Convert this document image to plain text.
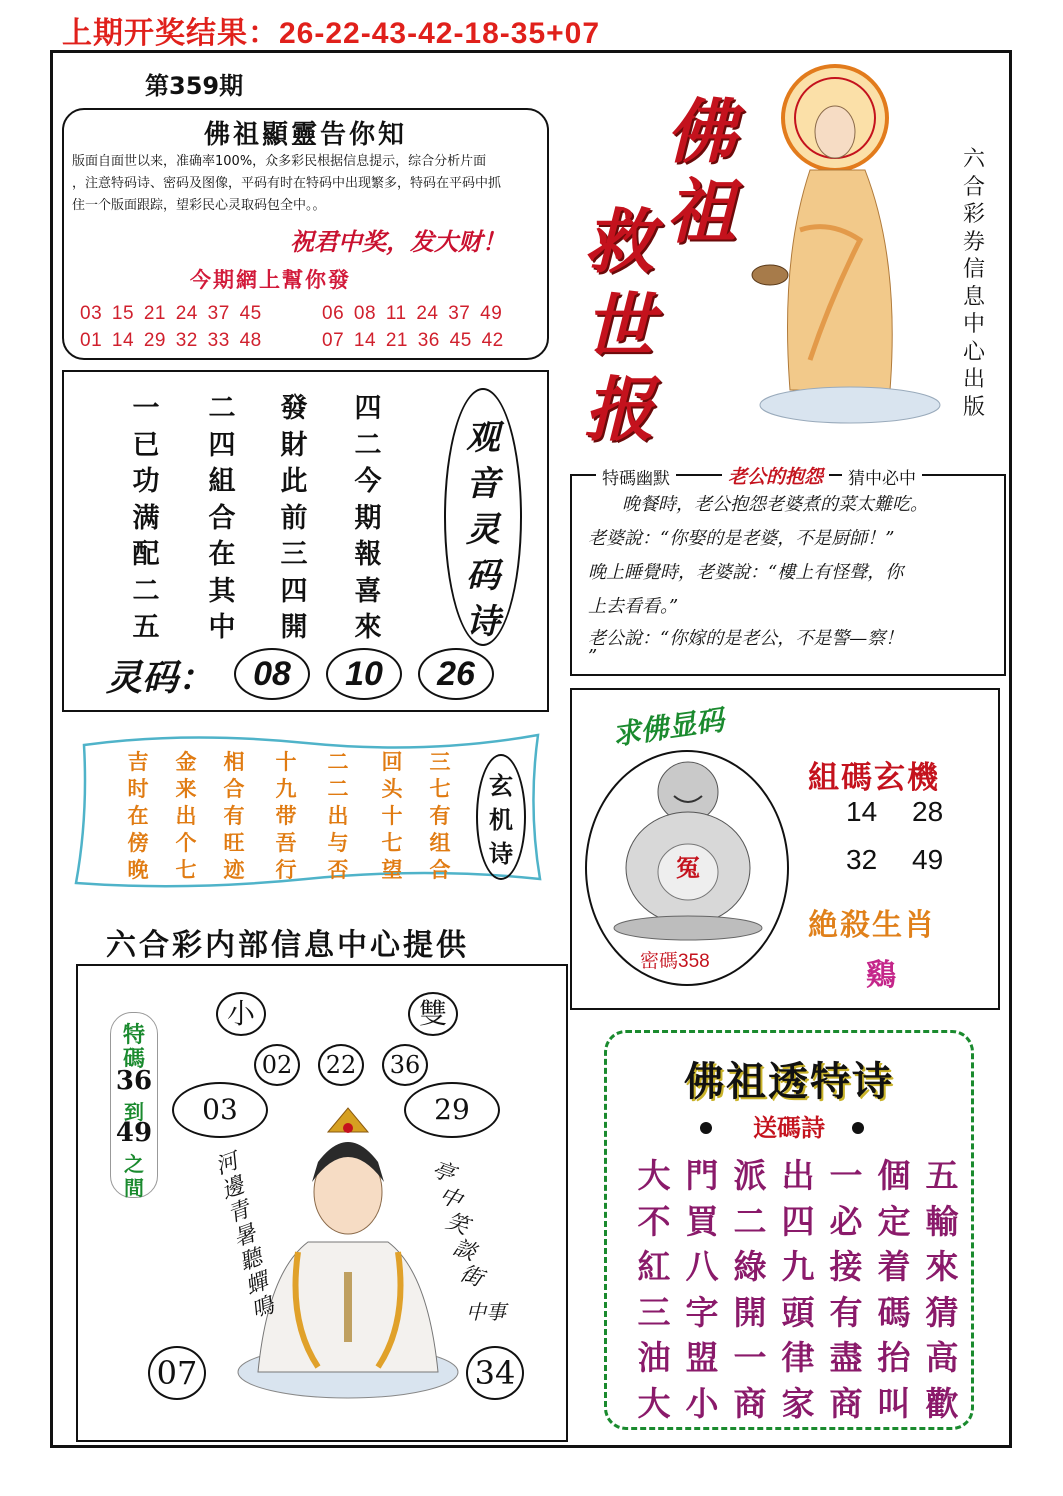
上期开奖结果：26-22-43-42-18-35+07
第359期
佛祖顯靈告你知
版面自面世以来，准确率100%，众多彩民根据信息提示，综合分析片面
，注意特码诗、密码及图像，平码有时在特码中出现繁多，特码在平码中抓
住一个版面跟踪，望彩民心灵取码包全中。。
祝君中奖，发大财！
今期網上幫你發
03 15 21 24 37 45
01 14 29 32 33 48
06 08 11 24 37 49
07 14 21 36 45 42
观
音
灵
码
诗
灵码：	08	10	26
玄
机
诗
六合彩内部信息中心提供
小	雙
02	22	36
03	29
07	34
特
碼
36
到
49
之
間
中事
佛
祖
救
世
报
特碼幽默	老公的抱怨	猜中必中
晚餐時，老公抱怨老婆煮的菜太難吃。
老婆說：“你娶的是老婆，不是厨師！”
晚上睡覺時，老婆說：“樓上有怪聲，你
上去看看。”
老公說：“你嫁的是老公，不是警—察！
”
求佛显码
冤
密碼358
組碼玄機
14 28
32 49
絶殺生肖
鷄
佛祖透特诗
送碼詩
一
已
功
满
配
二
五
二
四
組
合
在
其
中
發
財
此
前
三
四
開
四
二
今
期
報
喜
來
吉
时
在
傍
晚
金
来
出
个
七
相
合
有
旺
迹
十
九
带
吾
行
二
二
出
与
否
回
头
十
七
望
三
七
有
组
合
河
邊
青
暑
聽
蟬
鳴
亭
中
笑
談
街
六
合
彩
券
信
息
中
心
出
版
大 門 派 出 一 個 五
不 買 二 四 必 定 輸
紅 八 綠 九 接 着 來
三 字 開 頭 有 碼 猜
油 盟 一 律 盡 抬 高
大 小 商 家 商 叫 歡
